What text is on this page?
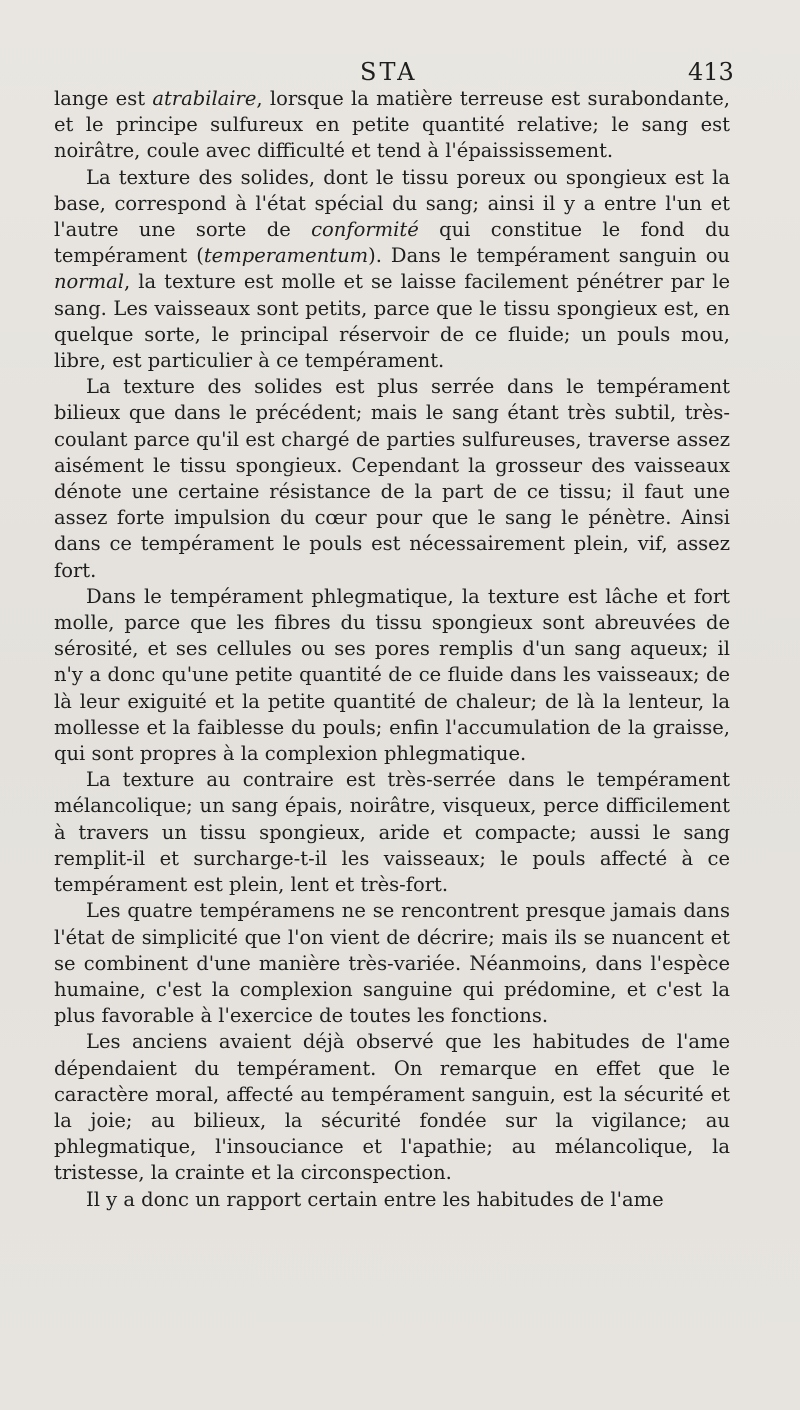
STA	413

lange est atrabilaire, lorsque la matière terreuse est surabondante, et le principe sulfureux en petite quantité relative; le sang est noirâtre, coule avec difficulté et tend à l'épaississement.

La texture des solides, dont le tissu poreux ou spongieux est la base, correspond à l'état spécial du sang; ainsi il y a entre l'un et l'autre une sorte de conformité qui constitue le fond du tempérament (temperamentum). Dans le tempérament sanguin ou normal, la texture est molle et se laisse facilement pénétrer par le sang. Les vaisseaux sont petits, parce que le tissu spongieux est, en quelque sorte, le principal réservoir de ce fluide; un pouls mou, libre, est particulier à ce tempérament.

La texture des solides est plus serrée dans le tempérament bilieux que dans le précédent; mais le sang étant très subtil, très-coulant parce qu'il est chargé de parties sulfureuses, traverse assez aisément le tissu spongieux. Cependant la grosseur des vaisseaux dénote une certaine résistance de la part de ce tissu; il faut une assez forte impulsion du cœur pour que le sang le pénètre. Ainsi dans ce tempérament le pouls est nécessairement plein, vif, assez fort.

Dans le tempérament phlegmatique, la texture est lâche et fort molle, parce que les fibres du tissu spongieux sont abreuvées de sérosité, et ses cellules ou ses pores remplis d'un sang aqueux; il n'y a donc qu'une petite quantité de ce fluide dans les vaisseaux; de là leur exiguité et la petite quantité de chaleur; de là la lenteur, la mollesse et la faiblesse du pouls; enfin l'accumulation de la graisse, qui sont propres à la complexion phlegmatique.

La texture au contraire est très-serrée dans le tempérament mélancolique; un sang épais, noirâtre, visqueux, perce difficilement à travers un tissu spongieux, aride et compacte; aussi le sang remplit-il et surcharge-t-il les vaisseaux; le pouls affecté à ce tempérament est plein, lent et très-fort.

Les quatre tempéramens ne se rencontrent presque jamais dans l'état de simplicité que l'on vient de décrire; mais ils se nuancent et se combinent d'une manière très-variée. Néanmoins, dans l'espèce humaine, c'est la complexion sanguine qui prédomine, et c'est la plus favorable à l'exercice de toutes les fonctions.

Les anciens avaient déjà observé que les habitudes de l'ame dépendaient du tempérament. On remarque en effet que le caractère moral, affecté au tempérament sanguin, est la sécurité et la joie; au bilieux, la sécurité fondée sur la vigilance; au phlegmatique, l'insouciance et l'apathie; au mélancolique, la tristesse, la crainte et la circonspection.

Il y a donc un rapport certain entre les habitudes de l'ame
